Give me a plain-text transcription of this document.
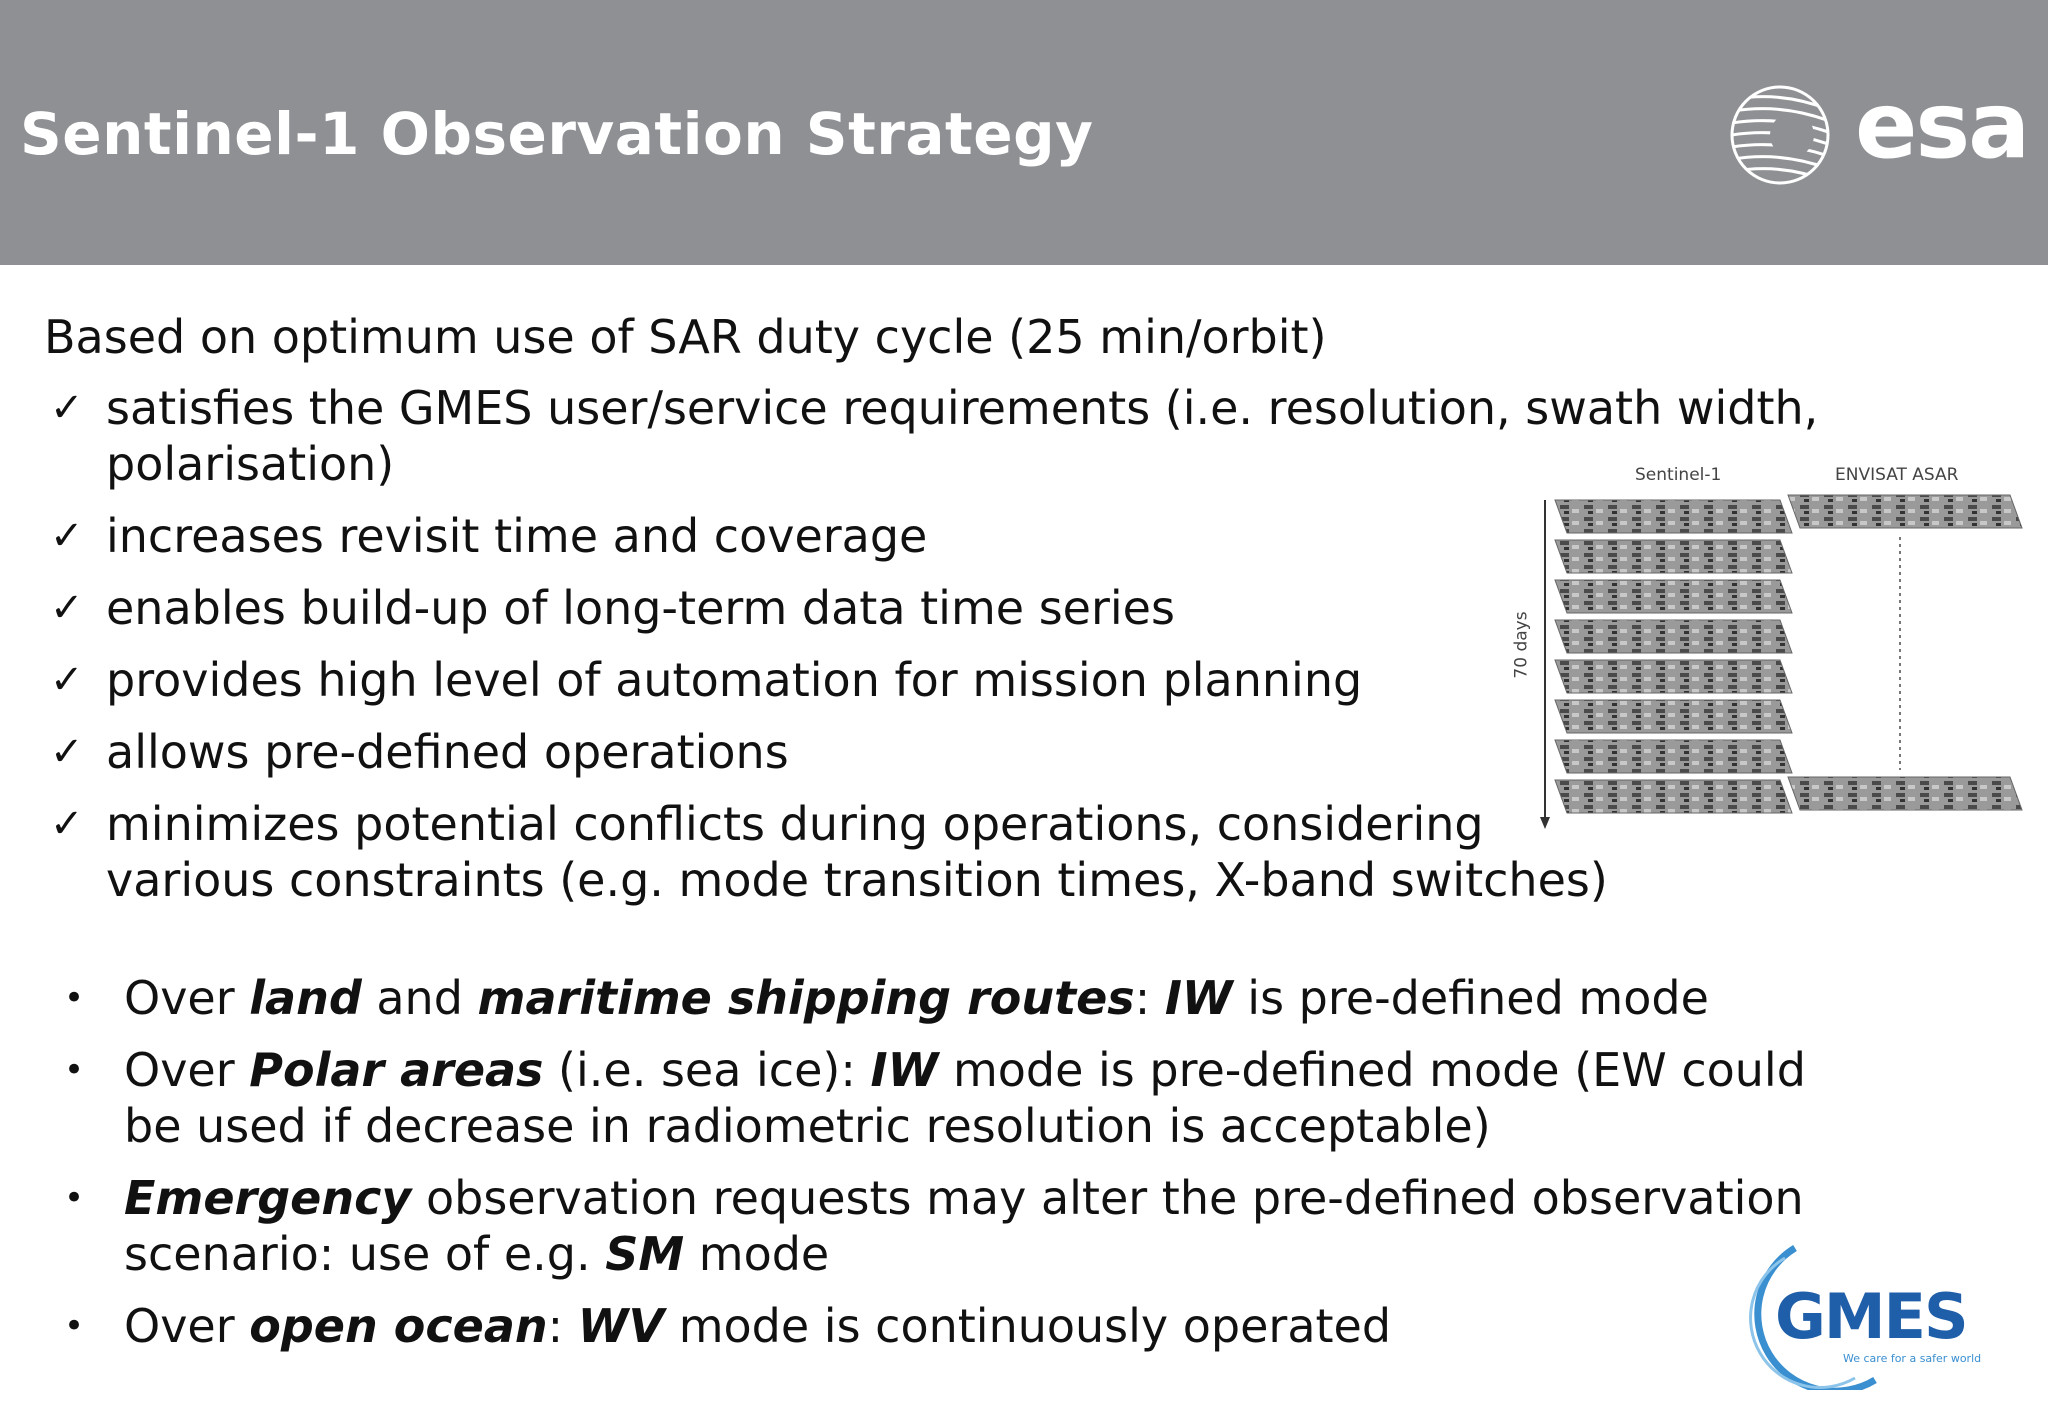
Sentinel-1 Observation Strategy	esa
Based on optimum use of SAR duty cycle (25 min/orbit)
✓ satisfies the GMES user/service requirements (i.e. resolution, swath width,
polarisation)
✓ increases revisit time and coverage
✓ enables build-up of long-term data time series
✓ provides high level of automation for mission planning
✓ allows pre-defined operations
✓ minimizes potential conflicts during operations, considering
various constraints (e.g. mode transition times, X-band switches)
• Over land and maritime shipping routes: IW is pre-defined mode
• Over Polar areas (i.e. sea ice): IW mode is pre-defined mode (EW could
be used if decrease in radiometric resolution is acceptable)
• Emergency observation requests may alter the pre-defined observation
scenario: use of e.g. SM mode
• Over open ocean: WV mode is continuously operated
Sentinel-1	ENVISAT ASAR
70 days
GMES
We care for a safer world
